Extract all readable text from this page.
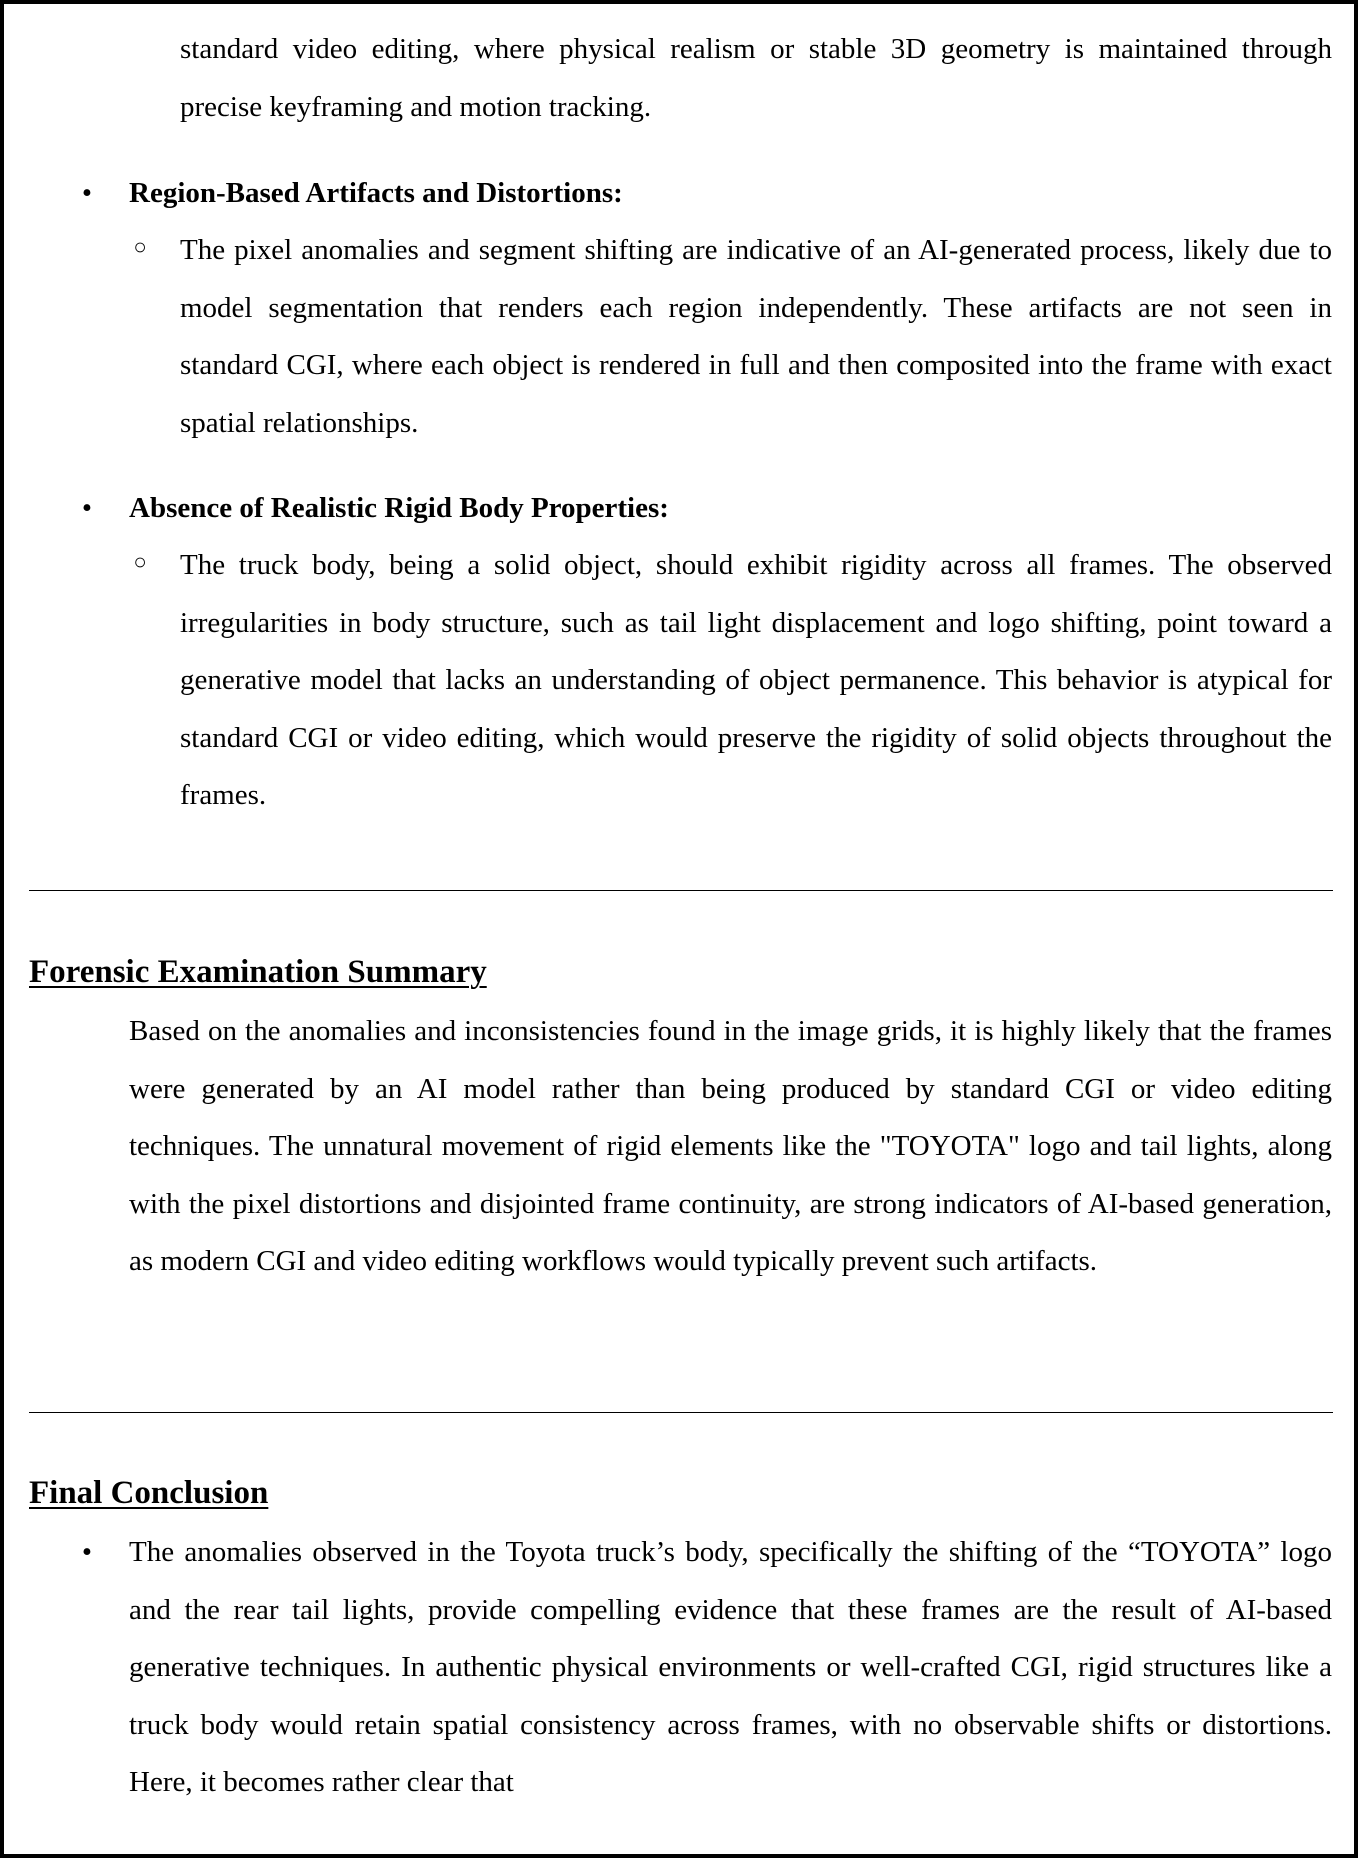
standard video editing, where physical realism or stable 3D geometry is maintained through precise keyframing and motion tracking.

• Region-Based Artifacts and Distortions:

○ The pixel anomalies and segment shifting are indicative of an AI-generated process, likely due to model segmentation that renders each region independently. These artifacts are not seen in standard CGI, where each object is rendered in full and then composited into the frame with exact spatial relationships.

• Absence of Realistic Rigid Body Properties:

○ The truck body, being a solid object, should exhibit rigidity across all frames. The observed irregularities in body structure, such as tail light displacement and logo shifting, point toward a generative model that lacks an understanding of object permanence. This behavior is atypical for standard CGI or video editing, which would preserve the rigidity of solid objects throughout the frames.

Forensic Examination Summary

Based on the anomalies and inconsistencies found in the image grids, it is highly likely that the frames were generated by an AI model rather than being produced by standard CGI or video editing techniques. The unnatural movement of rigid elements like the "TOYOTA" logo and tail lights, along with the pixel distortions and disjointed frame continuity, are strong indicators of AI-based generation, as modern CGI and video editing workflows would typically prevent such artifacts.

Final Conclusion
• The anomalies observed in the Toyota truck’s body, specifically the shifting of the “TOYOTA” logo and the rear tail lights, provide compelling evidence that these frames are the result of AI-based generative techniques. In authentic physical environments or well-crafted CGI, rigid structures like a truck body would retain spatial consistency across frames, with no observable shifts or distortions. Here, it becomes rather clear that
